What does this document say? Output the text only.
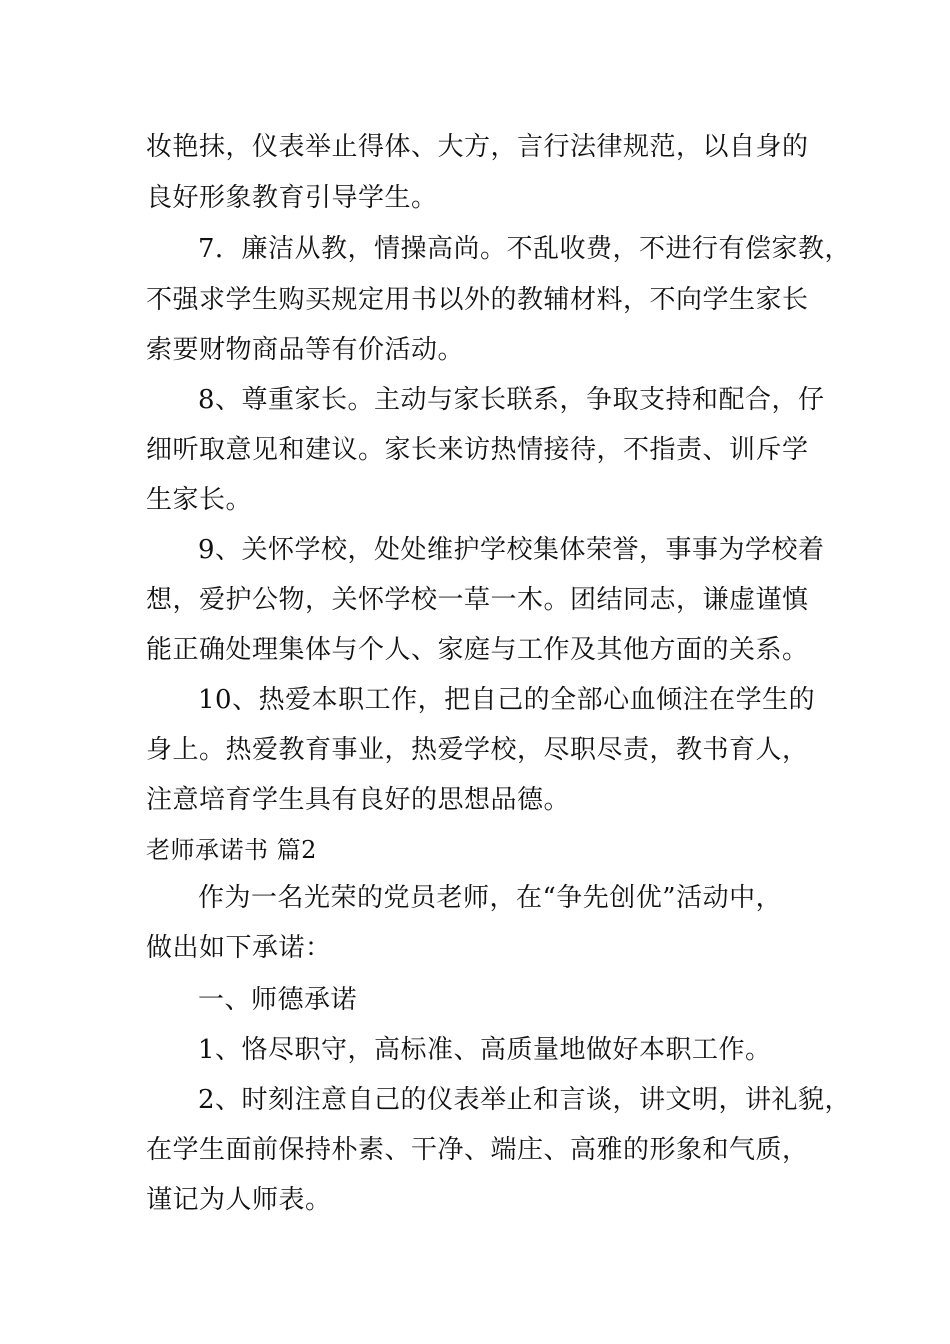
妆艳抹，仪表举止得体、大方，言行法律规范，以自身的
良好形象教育引导学生。
7．廉洁从教，情操高尚。不乱收费，不进行有偿家教，
不强求学生购买规定用书以外的教辅材料，不向学生家长
索要财物商品等有价活动。
8、尊重家长。主动与家长联系，争取支持和配合，仔
细听取意见和建议。家长来访热情接待，不指责、训斥学
生家长。
9、关怀学校，处处维护学校集体荣誉，事事为学校着
想，爱护公物，关怀学校一草一木。团结同志，谦虚谨慎
能正确处理集体与个人、家庭与工作及其他方面的关系。
10、热爱本职工作，把自己的全部心血倾注在学生的
身上。热爱教育事业，热爱学校，尽职尽责，教书育人，
注意培育学生具有良好的思想品德。
老师承诺书 篇2
作为一名光荣的党员老师，在“争先创优”活动中，
做出如下承诺：
一、师德承诺
1、恪尽职守，高标准、高质量地做好本职工作。
2、时刻注意自己的仪表举止和言谈，讲文明，讲礼貌，
在学生面前保持朴素、干净、端庄、高雅的形象和气质，
谨记为人师表。
